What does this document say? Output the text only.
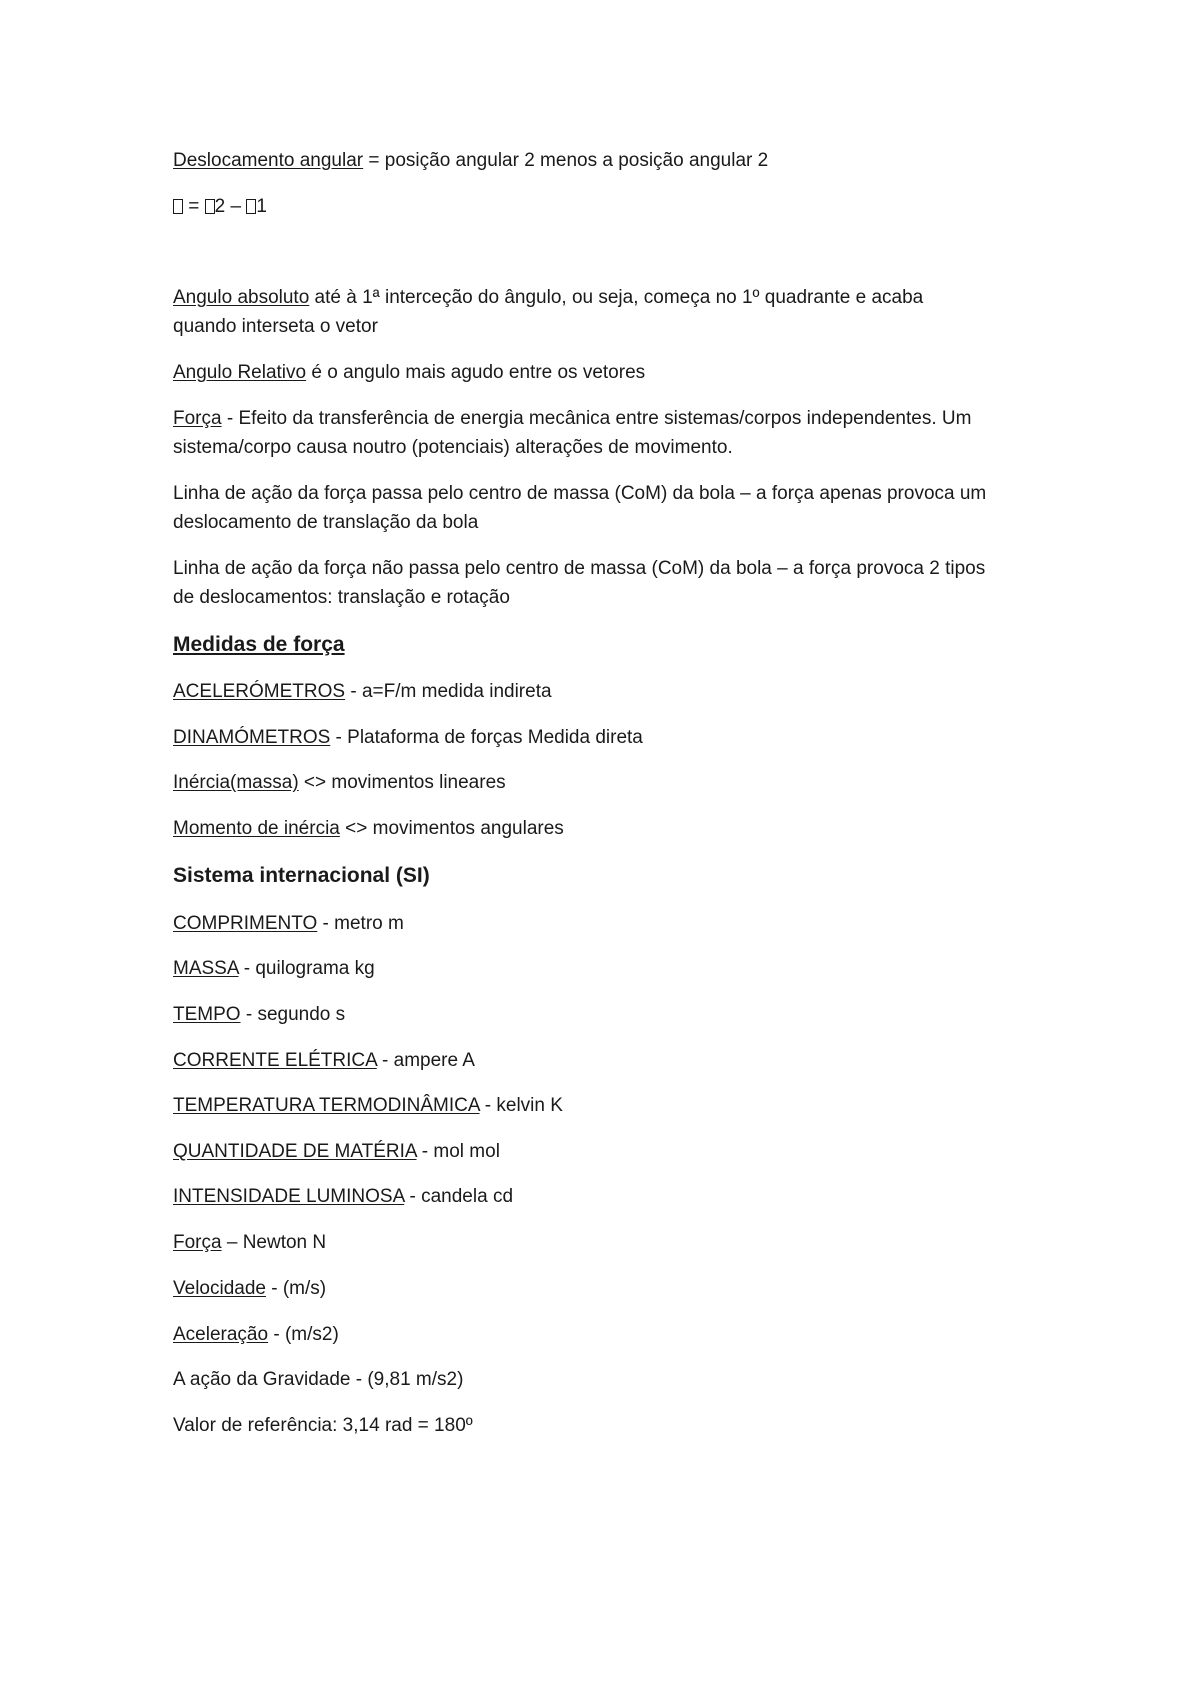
Deslocamento angular = posição angular 2 menos a posição angular 2

= 2 – 1

Angulo absoluto até à 1ª interceção do ângulo, ou seja, começa no 1º quadrante e acaba

quando interseta o vetor

Angulo Relativo é o angulo mais agudo entre os vetores

Força - Efeito da transferência de energia mecânica entre sistemas/corpos independentes. Um

sistema/corpo causa noutro (potenciais) alterações de movimento.

Linha de ação da força passa pelo centro de massa (CoM) da bola – a força apenas provoca um

deslocamento de translação da bola

Linha de ação da força não passa pelo centro de massa (CoM) da bola – a força provoca 2 tipos

de deslocamentos: translação e rotação

Medidas de força

ACELERÓMETROS - a=F/m medida indireta

DINAMÓMETROS - Plataforma de forças Medida direta

Inércia(massa) <> movimentos lineares

Momento de inércia <> movimentos angulares

Sistema internacional (SI)

COMPRIMENTO - metro m

MASSA - quilograma kg

TEMPO - segundo s

CORRENTE ELÉTRICA - ampere A

TEMPERATURA TERMODINÂMICA - kelvin K

QUANTIDADE DE MATÉRIA - mol mol

INTENSIDADE LUMINOSA - candela cd

Força – Newton N

Velocidade - (m/s)

Aceleração - (m/s2)

A ação da Gravidade - (9,81 m/s2)

Valor de referência: 3,14 rad = 180º
